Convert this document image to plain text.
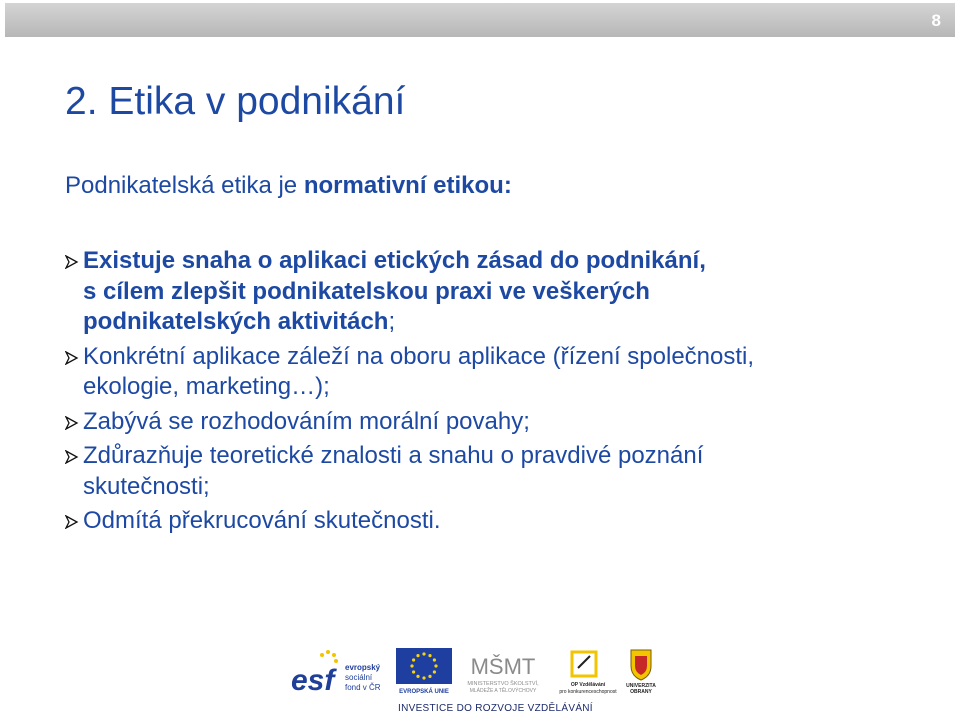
8
2. Etika v podnikání

Podnikatelská etika je normativní etikou:

Existuje snaha o aplikaci etických zásad do podnikání,
s cílem zlepšit podnikatelskou praxi ve veškerých
podnikatelských aktivitách;
Konkrétní aplikace záleží na oboru aplikace (řízení společnosti,
ekologie, marketing…);
Zabývá se rozhodováním morální povahy;
Zdůrazňuje teoretické znalosti a snahu o pravdivé poznání
skutečnosti;
Odmítá překrucování skutečnosti.
esf	evropský
sociální
fond v ČR	EVROPSKÁ UNIE
MŠMT
MINISTERSTVO ŠKOLSTVÍ,
MLÁDEŽE A TĚLOVÝCHOVY
OP Vzdělávání
pro konkurenceschopnost
UNIVERZITA
OBRANY
INVESTICE DO ROZVOJE VZDĚLÁVÁNÍ
